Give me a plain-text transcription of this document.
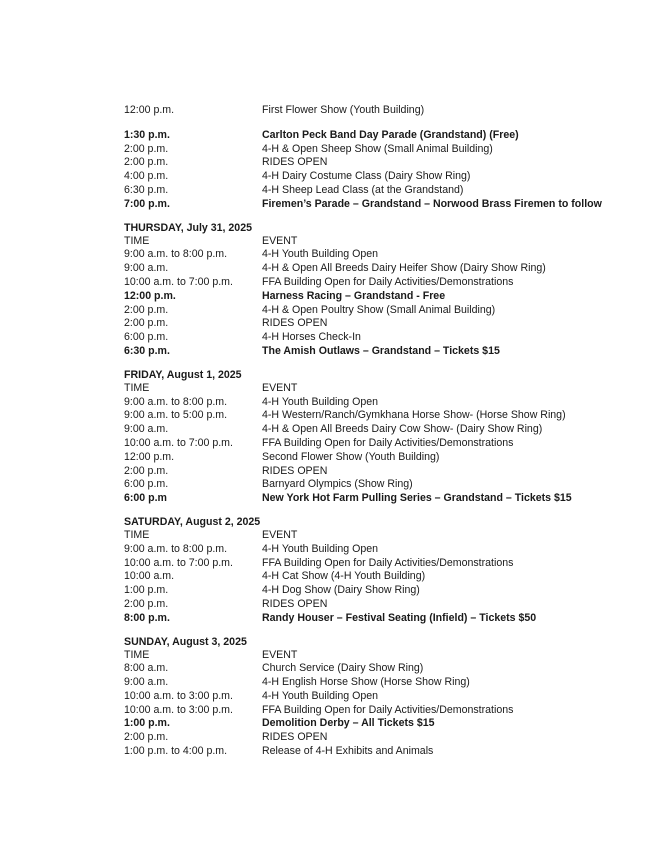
12:00 p.m.	First Flower Show (Youth Building)
1:30 p.m.	Carlton Peck Band Day Parade (Grandstand) (Free)
2:00 p.m.	4-H & Open Sheep Show (Small Animal Building)
2:00 p.m.	RIDES OPEN
4:00 p.m.	4-H Dairy Costume Class (Dairy Show Ring)
6:30 p.m.	4-H Sheep Lead Class (at the Grandstand)
7:00 p.m.	Firemen’s Parade – Grandstand – Norwood Brass Firemen to follow
THURSDAY, July 31, 2025
TIME	EVENT
9:00 a.m. to 8:00 p.m.	4-H Youth Building Open
9:00 a.m.	4-H & Open All Breeds Dairy Heifer Show (Dairy Show Ring)
10:00 a.m. to 7:00 p.m.	FFA Building Open for Daily Activities/Demonstrations
12:00 p.m.	Harness Racing – Grandstand - Free
2:00 p.m.	4-H & Open Poultry Show (Small Animal Building)
2:00 p.m.	RIDES OPEN
6:00 p.m.	4-H Horses Check-In
6:30 p.m.	The Amish Outlaws – Grandstand – Tickets $15
FRIDAY, August 1, 2025
TIME	EVENT
9:00 a.m. to 8:00 p.m.	4-H Youth Building Open
9:00 a.m. to 5:00 p.m.	4-H Western/Ranch/Gymkhana Horse Show- (Horse Show Ring)
9:00 a.m.	4-H & Open All Breeds Dairy Cow Show- (Dairy Show Ring)
10:00 a.m. to 7:00 p.m.	FFA Building Open for Daily Activities/Demonstrations
12:00 p.m.	Second Flower Show (Youth Building)
2:00 p.m.	RIDES OPEN
6:00 p.m.	Barnyard Olympics (Show Ring)
6:00 p.m	New York Hot Farm Pulling Series – Grandstand – Tickets $15
SATURDAY, August 2, 2025
TIME	EVENT
9:00 a.m. to 8:00 p.m.	4-H Youth Building Open
10:00 a.m. to 7:00 p.m.	FFA Building Open for Daily Activities/Demonstrations
10:00 a.m.	4-H Cat Show (4-H Youth Building)
1:00 p.m.	4-H Dog Show (Dairy Show Ring)
2:00 p.m.	RIDES OPEN
8:00 p.m.	Randy Houser – Festival Seating (Infield) – Tickets $50
SUNDAY, August 3, 2025
TIME	EVENT
8:00 a.m.	Church Service (Dairy Show Ring)
9:00 a.m.	4-H English Horse Show (Horse Show Ring)
10:00 a.m. to 3:00 p.m.	4-H Youth Building Open
10:00 a.m. to 3:00 p.m.	FFA Building Open for Daily Activities/Demonstrations
1:00 p.m.	Demolition Derby – All Tickets $15
2:00 p.m.	RIDES OPEN
1:00 p.m. to 4:00 p.m.	Release of 4-H Exhibits and Animals
